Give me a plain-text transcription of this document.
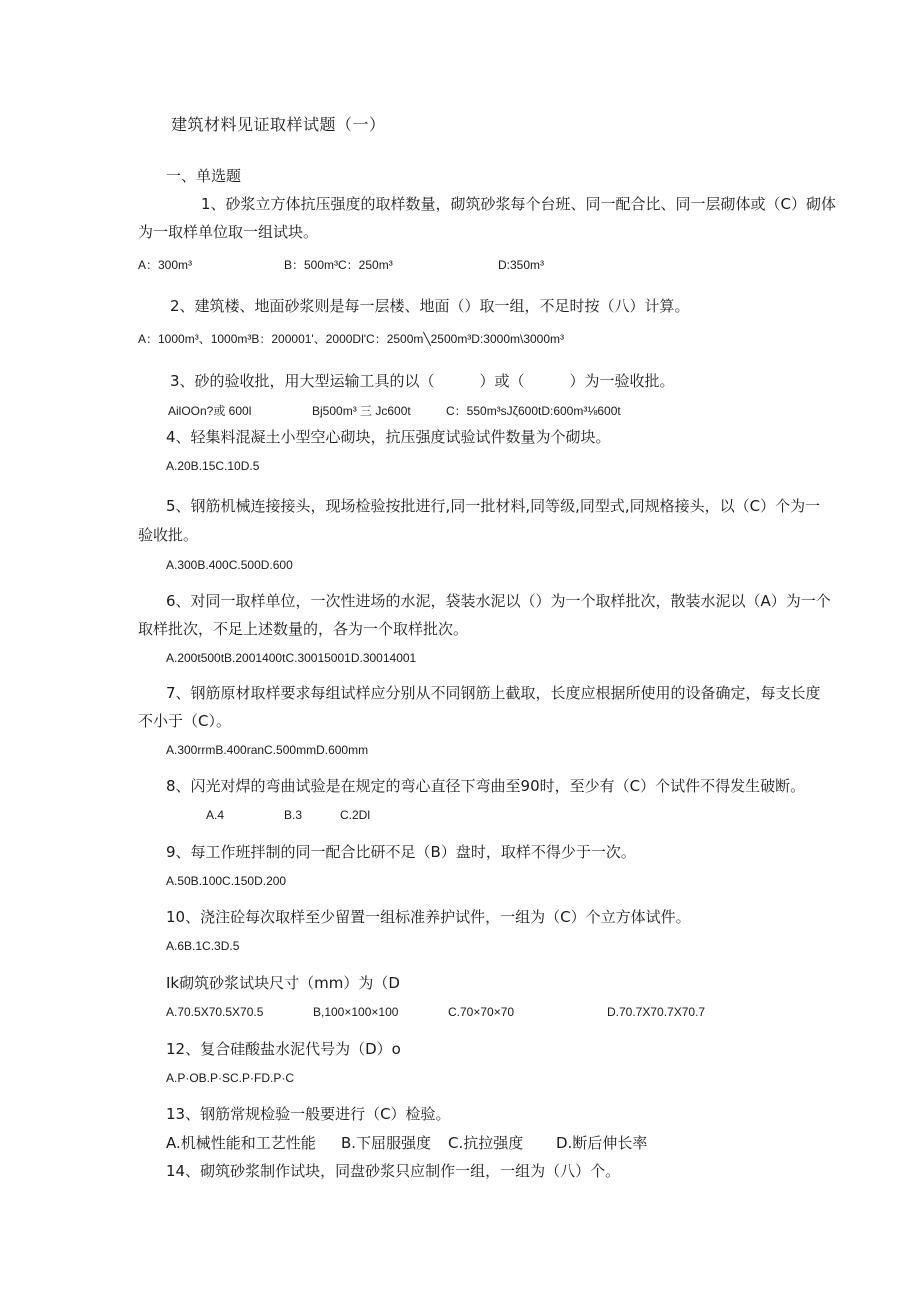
建筑材料见证取样试题（一）
一、单选题
1、砂浆立方体抗压强度的取样数量，砌筑砂浆每个台班、同一配合比、同一层砌体或（C）砌体
为一取样单位取一组试块。
A：300m³	B：500m³C：250m³	D:350m³
2、建筑楼、地面砂浆则是每一层楼、地面（）取一组，不足时按（八）计算。
A：1000m³、1000m³B：200001'、2000Dl'C：2500m╲2500m³D:3000m\3000m³
3、砂的验收批，用大型运输工具的以（　　　）或（　　　）为一验收批。
AilOOn?或 600l	Bj500m³ 三 Jc600t	C：550m³sJζ600tD:600m³⅛600t
4、轻集料混凝土小型空心砌块，抗压强度试验试件数量为个砌块。
A.20B.15C.10D.5
5、钢筋机械连接接头，现场检验按批进行,同一批材料,同等级,同型式,同规格接头，以（C）个为一
验收批。
A.300B.400C.500D.600
6、对同一取样单位，一次性进场的水泥，袋装水泥以（）为一个取样批次，散装水泥以（A）为一个
取样批次，不足上述数量的，各为一个取样批次。
A.200t500tB.2001400tC.30015001D.30014001
7、钢筋原材取样要求每组试样应分别从不同钢筋上截取，长度应根据所使用的设备确定，每支长度
不小于（C）。
A.300rrmB.400ranC.500mmD.600mm
8、闪光对焊的弯曲试验是在规定的弯心直径下弯曲至90时，至少有（C）个试件不得发生破断。
A.4	B.3	C.2Dl
9、每工作班拌制的同一配合比研不足（B）盘时，取样不得少于一次。
A.50B.100C.150D.200
10、浇注砼每次取样至少留置一组标准养护试件，一组为（C）个立方体试件。
A.6B.1C.3D.5
Ik砌筑砂浆试块尺寸（mm）为（D
A.70.5X70.5X70.5	B,100×100×100	C.70×70×70	D.70.7X70.7X70.7
12、复合硅酸盐水泥代号为（D）o
A.P·OB.P·SC.P·FD.P·C
13、钢筋常规检验一般要进行（C）检验。
A.机械性能和工艺性能 B.下屈服强度 C.抗拉强度 D.断后伸长率
14、砌筑砂浆制作试块，同盘砂浆只应制作一组，一组为（八）个。
